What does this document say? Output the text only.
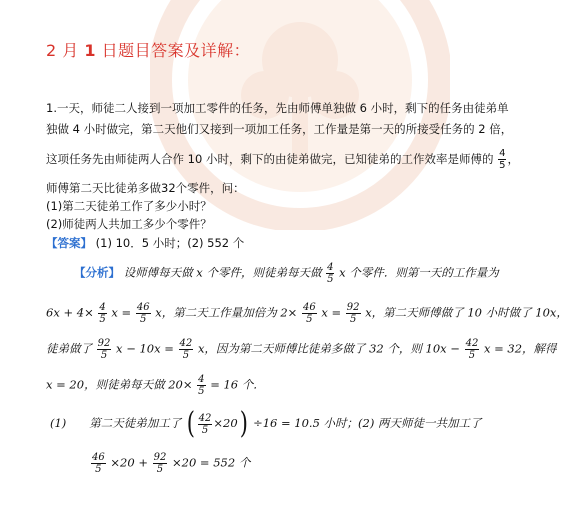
2 月 1 日题目答案及详解：
1.一天，师徒二人接到一项加工零件的任务，先由师傅单独做 6 小时，剩下的任务由徒弟单
独做 4 小时做完，第二天他们又接到一项加工任务，工作量是第一天的所接受任务的 2 倍，
这项任务先由师徒两人合作 10 小时，剩下的由徒弟做完，已知徒弟的工作效率是师傅的 $\frac{4}{5}$ ，
师傅第二天比徒弟多做32个零件，问：
(1)第二天徒弟工作了多少小时？
(2)师徒两人共加工多少个零件？
【答案】 (1) 10．5 小时；(2) 552 个
【分析】 设师傅每天做 x 个零件，则徒弟每天做 $\frac{4}{5}$ x 个零件．则第一天的工作量为
$6x + 4\times \frac{4}{5}$ $x = \frac{46}{5}$ x，第二天工作量加倍为 $2\times \frac{46}{5}$ $x = \frac{92}{5}$ x，第二天师傅做了 10 小时做了 10x，
徒弟做了 $\frac{92}{5}$ $x - 10x = \frac{42}{5}$ x，因为第二天师傅比徒弟多做了 32 个，则 $10x - \frac{42}{5}$ x = 32，解得
x = 20，则徒弟每天做 $20\times \frac{4}{5} = 16$ 个．
(1)　　第二天徒弟加工了 ( $\frac{42}{5} \times 20) \div 16 = 10.5$ 小时；(2) 两天师徒一共加工了
$\frac{46}{5} \times 20 + \frac{92}{5} \times 20 = 552$ 个
